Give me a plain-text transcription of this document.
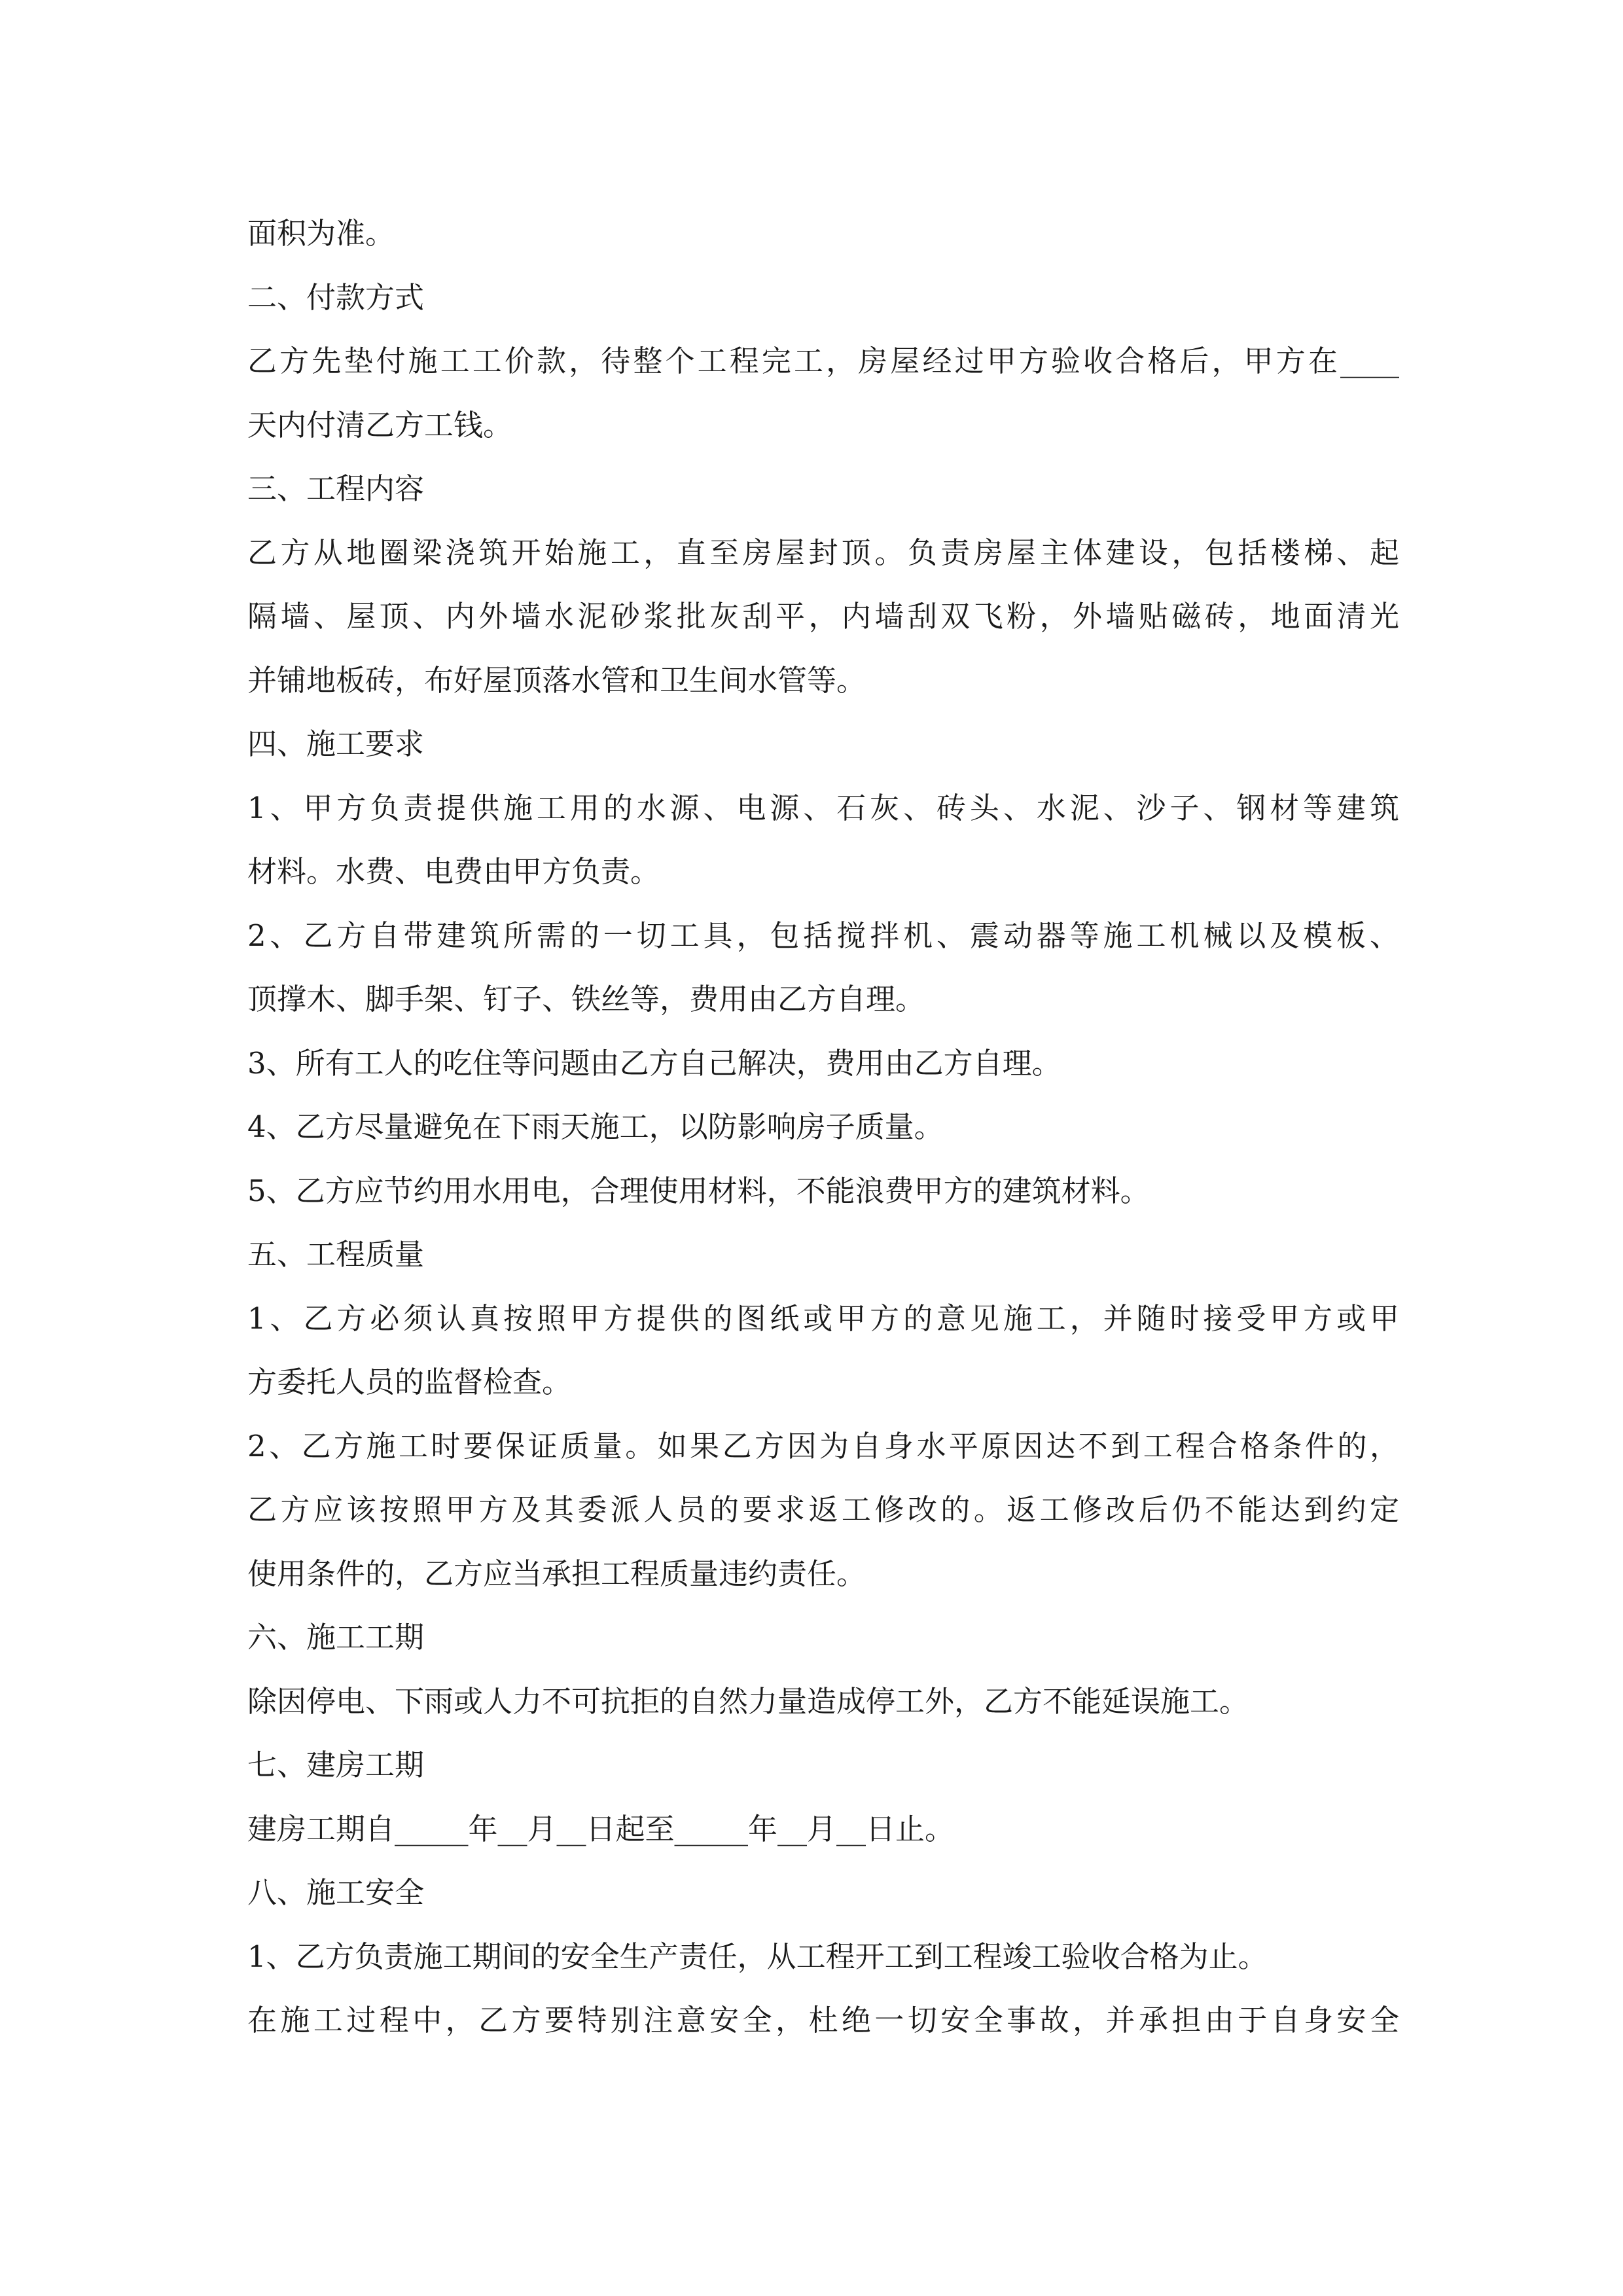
面积为准。
二、付款方式
乙方先垫付施工工价款，待整个工程完工，房屋经过甲方验收合格后，甲方在____
天内付清乙方工钱。
三、工程内容
乙方从地圈梁浇筑开始施工，直至房屋封顶。负责房屋主体建设，包括楼梯、起
隔墙、屋顶、内外墙水泥砂浆批灰刮平，内墙刮双飞粉，外墙贴磁砖，地面清光
并铺地板砖，布好屋顶落水管和卫生间水管等。
四、施工要求
1、甲方负责提供施工用的水源、电源、石灰、砖头、水泥、沙子、钢材等建筑
材料。水费、电费由甲方负责。
2、乙方自带建筑所需的一切工具，包括搅拌机、震动器等施工机械以及模板、
顶撑木、脚手架、钉子、铁丝等，费用由乙方自理。
3、所有工人的吃住等问题由乙方自己解决，费用由乙方自理。
4、乙方尽量避免在下雨天施工，以防影响房子质量。
5、乙方应节约用水用电，合理使用材料，不能浪费甲方的建筑材料。
五、工程质量
1、乙方必须认真按照甲方提供的图纸或甲方的意见施工，并随时接受甲方或甲
方委托人员的监督检查。
2、乙方施工时要保证质量。如果乙方因为自身水平原因达不到工程合格条件的，
乙方应该按照甲方及其委派人员的要求返工修改的。返工修改后仍不能达到约定
使用条件的，乙方应当承担工程质量违约责任。
六、施工工期
除因停电、下雨或人力不可抗拒的自然力量造成停工外，乙方不能延误施工。
七、建房工期
建房工期自_____年__月__日起至_____年__月__日止。
八、施工安全
1、乙方负责施工期间的安全生产责任，从工程开工到工程竣工验收合格为止。
在施工过程中，乙方要特别注意安全，杜绝一切安全事故，并承担由于自身安全
